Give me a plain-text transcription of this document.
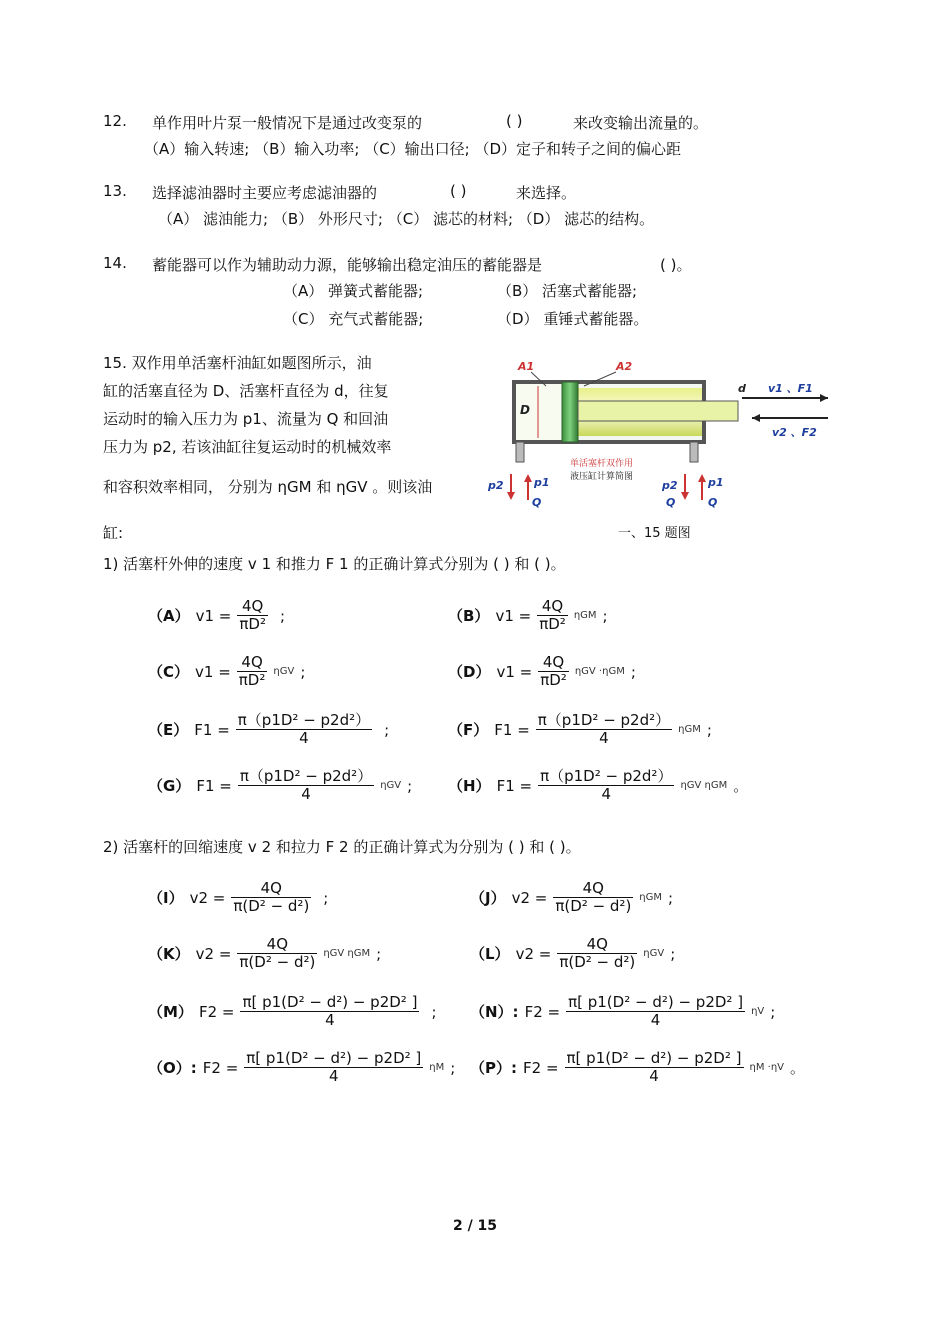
12. 单作用叶片泵一般情况下是通过改变泵的	( )	来改变输出流量的。
（A）输入转速; （B）输入功率; （C）输出口径; （D）定子和转子之间的偏心距
13. 选择滤油器时主要应考虑滤油器的	( )	来选择。
（A） 滤油能力; （B） 外形尺寸; （C） 滤芯的材料; （D） 滤芯的结构。
14. 蓄能器可以作为辅助动力源，能够输出稳定油压的蓄能器是	( )。
（A） 弹簧式蓄能器;	（B） 活塞式蓄能器;
（C） 充气式蓄能器;	（D） 重锤式蓄能器。
15. 双作用单活塞杆油缸如题图所示，油
缸的活塞直径为 D、活塞杆直径为 d，往复
运动时的输入压力为 p1、流量为 Q 和回油
压力为 p2, 若该油缸往复运动时的机械效率
和容积效率相同， 分别为 ηGM 和 ηGV 。则该油
缸:	一、15 题图
A1	A2
D
d v1 、F1
v2 、F2
p2	p1
Q
p2	p1
Q	Q
单活塞杆双作用
液压缸计算简图
1) 活塞杆外伸的速度 v 1 和推力 F 1 的正确计算式分别为 ( ) 和 ( )。
（A） $v1 = \frac{4Q}{\text{πD²}}$ ;	（B） $v1 = \frac{4Q}{\text{πD²}}$ ηGM ;
（C） $v1 = \frac{4Q}{\text{πD²}}$ ηGV ;	（D） $v1 = \frac{4Q}{\text{πD²}}$ ηGV ·ηGM ;
（E） $F1 = \frac{\text{π（p1D² − p2d²）}}{4}$ ;	（F） $F1 = \frac{\text{π（p1D² − p2d²）}}{4}$ ηGM ;
（G） $F1 = \frac{\text{π（p1D² − p2d²）}}{4}$ ηGV ; （H） $F1 = \frac{\text{π（p1D² − p2d²）}}{4}$ ηGV ηGM 。
2) 活塞杆的回缩速度 v 2 和拉力 F 2 的正确计算式为分别为 ( ) 和 ( )。
（I） $v2 = \frac{4Q}{\text{π(D² − d²)}}$ ;	（J） $v2 = \frac{4Q}{\text{π(D² − d²)}}$ ηGM ;
（K） $v2 = \frac{4Q}{\text{π(D² − d²)}}$ ηGV ηGM ;	（L） $v2 = \frac{4Q}{\text{π(D² − d²)}}$ ηGV ;
（M） $F2 = \frac{\text{π[ p1(D² − d²) − p2D² ]}}{4}$ ; （N）: $F2 = \frac{\text{π[ p1(D² − d²) − p2D² ]}}{4}$ ηV ;
（O）: $F2 = \frac{\text{π[ p1(D² − d²) − p2D² ]}}{4}$ ηM ; （P）: $F2 = \frac{\text{π[ p1(D² − d²) − p2D² ]}}{4}$ ηM ·ηV 。
2 / 15
